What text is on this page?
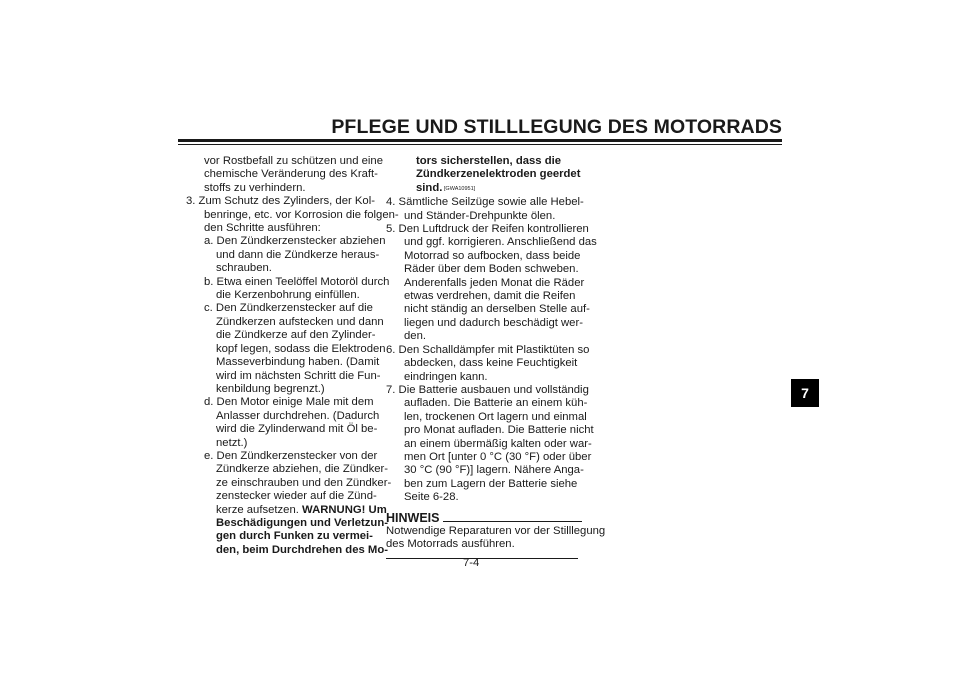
PFLEGE UND STILLLEGUNG DES MOTORRADS
vor Rostbefall zu schützen und eine
chemische Veränderung des Kraft-
stoffs zu verhindern.
3. Zum Schutz des Zylinders, der Kol-
benringe, etc. vor Korrosion die folgen-
den Schritte ausführen:
a. Den Zündkerzenstecker abziehen
und dann die Zündkerze heraus-
schrauben.
b. Etwa einen Teelöffel Motoröl durch
die Kerzenbohrung einfüllen.
c. Den Zündkerzenstecker auf die
Zündkerzen aufstecken und dann
die Zündkerze auf den Zylinder-
kopf legen, sodass die Elektroden
Masseverbindung haben. (Damit
wird im nächsten Schritt die Fun-
kenbildung begrenzt.)
d. Den Motor einige Male mit dem
Anlasser durchdrehen. (Dadurch
wird die Zylinderwand mit Öl be-
netzt.)
e. Den Zündkerzenstecker von der
Zündkerze abziehen, die Zündker-
ze einschrauben und den Zündker-
zenstecker wieder auf die Zünd-
kerze aufsetzen. WARNUNG! Um
Beschädigungen und Verletzun-
gen durch Funken zu vermei-
den, beim Durchdrehen des Mo-
tors sicherstellen, dass die
Zündkerzenelektroden geerdet
sind. [GWA10951]
4. Sämtliche Seilzüge sowie alle Hebel-
und Ständer-Drehpunkte ölen.
5. Den Luftdruck der Reifen kontrollieren
und ggf. korrigieren. Anschließend das
Motorrad so aufbocken, dass beide
Räder über dem Boden schweben.
Anderenfalls jeden Monat die Räder
etwas verdrehen, damit die Reifen
nicht ständig an derselben Stelle auf-
liegen und dadurch beschädigt wer-
den.
6. Den Schalldämpfer mit Plastiktüten so
abdecken, dass keine Feuchtigkeit
eindringen kann.
7. Die Batterie ausbauen und vollständig
aufladen. Die Batterie an einem küh-
len, trockenen Ort lagern und einmal
pro Monat aufladen. Die Batterie nicht
an einem übermäßig kalten oder war-
men Ort [unter 0 °C (30 °F) oder über
30 °C (90 °F)] lagern. Nähere Anga-
ben zum Lagern der Batterie siehe
Seite 6-28.
HINWEIS
Notwendige Reparaturen vor der Stilllegung
des Motorrads ausführen.
7-4
7
